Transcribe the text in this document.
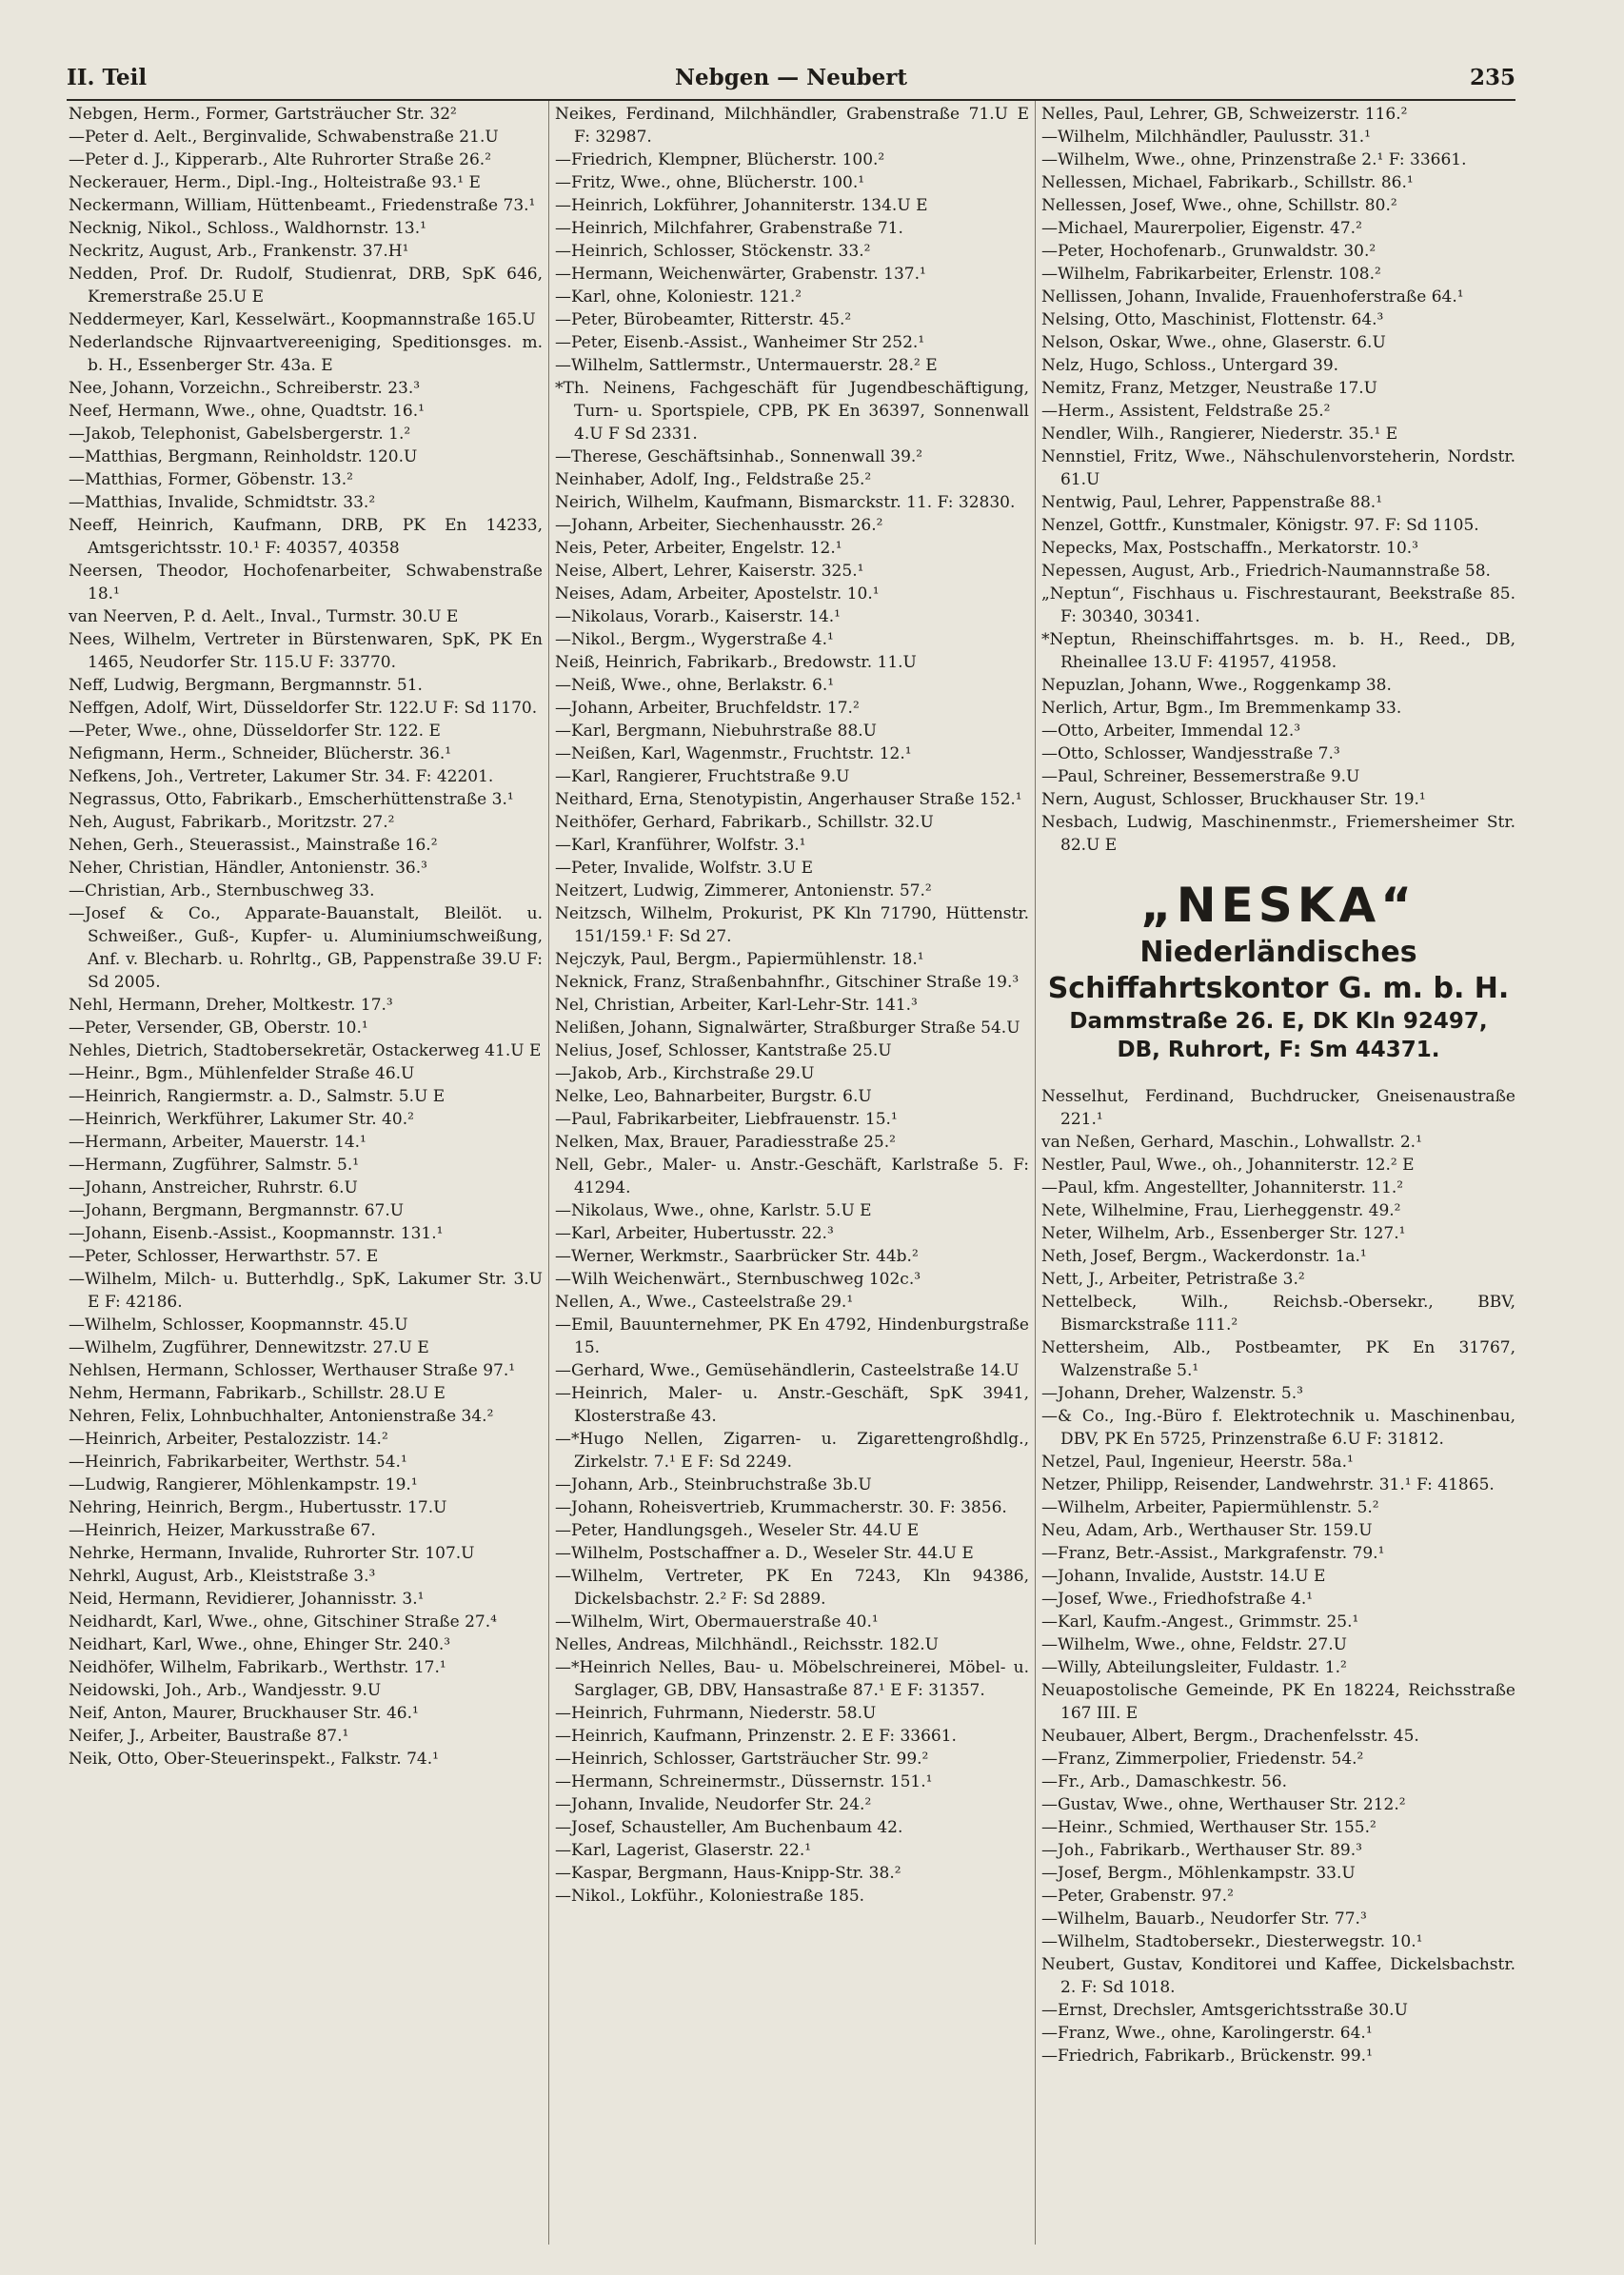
II. Teil	Nebgen — Neubert	235
Nebgen, Herm., Former, Gartsträucher Str. 32²
—Peter d. Aelt., Berginvalide, Schwabenstraße 21.U
—Peter d. J., Kipperarb., Alte Ruhrorter Straße 26.²
Neckerauer, Herm., Dipl.-Ing., Holteistraße 93.¹ E
Neckermann, William, Hüttenbeamt., Friedenstraße 73.¹
Necknig, Nikol., Schloss., Waldhornstr. 13.¹
Neckritz, August, Arb., Frankenstr. 37.H¹
Nedden, Prof. Dr. Rudolf, Studienrat, DRB, SpK 646, Kremerstraße 25.U E
Neddermeyer, Karl, Kesselwärt., Koopmannstraße 165.U
Nederlandsche Rijnvaartvereeniging, Speditionsges. m. b. H., Essenberger Str. 43a. E
Nee, Johann, Vorzeichn., Schreiberstr. 23.³
Neef, Hermann, Wwe., ohne, Quadtstr. 16.¹
—Jakob, Telephonist, Gabelsbergerstr. 1.²
—Matthias, Bergmann, Reinholdstr. 120.U
—Matthias, Former, Göbenstr. 13.²
—Matthias, Invalide, Schmidtstr. 33.²
Neeff, Heinrich, Kaufmann, DRB, PK En 14233, Amtsgerichtsstr. 10.¹ F: 40357, 40358
Neersen, Theodor, Hochofenarbeiter, Schwabenstraße 18.¹
van Neerven, P. d. Aelt., Inval., Turmstr. 30.U E
Nees, Wilhelm, Vertreter in Bürstenwaren, SpK, PK En 1465, Neudorfer Str. 115.U F: 33770.
Neff, Ludwig, Bergmann, Bergmannstr. 51.
Neffgen, Adolf, Wirt, Düsseldorfer Str. 122.U F: Sd 1170.
—Peter, Wwe., ohne, Düsseldorfer Str. 122. E
Nefigmann, Herm., Schneider, Blücherstr. 36.¹
Nefkens, Joh., Vertreter, Lakumer Str. 34. F: 42201.
Negrassus, Otto, Fabrikarb., Emscherhüttenstraße 3.¹
Neh, August, Fabrikarb., Moritzstr. 27.²
Nehen, Gerh., Steuerassist., Mainstraße 16.²
Neher, Christian, Händler, Antonienstr. 36.³
—Christian, Arb., Sternbuschweg 33.
—Josef & Co., Apparate-Bauanstalt, Bleilöt. u. Schweißer., Guß-, Kupfer- u. Aluminiumschweißung, Anf. v. Blecharb. u. Rohrltg., GB, Pappenstraße 39.U F: Sd 2005.
Nehl, Hermann, Dreher, Moltkestr. 17.³
—Peter, Versender, GB, Oberstr. 10.¹
Nehles, Dietrich, Stadtobersekretär, Ostackerweg 41.U E
—Heinr., Bgm., Mühlenfelder Straße 46.U
—Heinrich, Rangiermstr. a. D., Salmstr. 5.U E
—Heinrich, Werkführer, Lakumer Str. 40.²
—Hermann, Arbeiter, Mauerstr. 14.¹
—Hermann, Zugführer, Salmstr. 5.¹
—Johann, Anstreicher, Ruhrstr. 6.U
—Johann, Bergmann, Bergmannstr. 67.U
—Johann, Eisenb.-Assist., Koopmannstr. 131.¹
—Peter, Schlosser, Herwarthstr. 57. E
—Wilhelm, Milch- u. Butterhdlg., SpK, Lakumer Str. 3.U E F: 42186.
—Wilhelm, Schlosser, Koopmannstr. 45.U
—Wilhelm, Zugführer, Dennewitzstr. 27.U E
Nehlsen, Hermann, Schlosser, Werthauser Straße 97.¹
Nehm, Hermann, Fabrikarb., Schillstr. 28.U E
Nehren, Felix, Lohnbuchhalter, Antonienstraße 34.²
—Heinrich, Arbeiter, Pestalozzistr. 14.²
—Heinrich, Fabrikarbeiter, Werthstr. 54.¹
—Ludwig, Rangierer, Möhlenkampstr. 19.¹
Nehring, Heinrich, Bergm., Hubertusstr. 17.U
—Heinrich, Heizer, Markusstraße 67.
Nehrke, Hermann, Invalide, Ruhrorter Str. 107.U
Nehrkl, August, Arb., Kleiststraße 3.³
Neid, Hermann, Revidierer, Johannisstr. 3.¹
Neidhardt, Karl, Wwe., ohne, Gitschiner Straße 27.⁴
Neidhart, Karl, Wwe., ohne, Ehinger Str. 240.³
Neidhöfer, Wilhelm, Fabrikarb., Werthstr. 17.¹
Neidowski, Joh., Arb., Wandjesstr. 9.U
Neif, Anton, Maurer, Bruckhauser Str. 46.¹
Neifer, J., Arbeiter, Baustraße 87.¹
Neik, Otto, Ober-Steuerinspekt., Falkstr. 74.¹
Neikes, Ferdinand, Milchhändler, Grabenstraße 71.U E F: 32987.
—Friedrich, Klempner, Blücherstr. 100.²
—Fritz, Wwe., ohne, Blücherstr. 100.¹
—Heinrich, Lokführer, Johanniterstr. 134.U E
—Heinrich, Milchfahrer, Grabenstraße 71.
—Heinrich, Schlosser, Stöckenstr. 33.²
—Hermann, Weichenwärter, Grabenstr. 137.¹
—Karl, ohne, Koloniestr. 121.²
—Peter, Bürobeamter, Ritterstr. 45.²
—Peter, Eisenb.-Assist., Wanheimer Str 252.¹
—Wilhelm, Sattlermstr., Untermauerstr. 28.² E
*Th. Neinens, Fachgeschäft für Jugendbeschäftigung, Turn- u. Sportspiele, CPB, PK En 36397, Sonnenwall 4.U F Sd 2331.
—Therese, Geschäftsinhab., Sonnenwall 39.²
Neinhaber, Adolf, Ing., Feldstraße 25.²
Neirich, Wilhelm, Kaufmann, Bismarckstr. 11. F: 32830.
—Johann, Arbeiter, Siechenhausstr. 26.²
Neis, Peter, Arbeiter, Engelstr. 12.¹
Neise, Albert, Lehrer, Kaiserstr. 325.¹
Neises, Adam, Arbeiter, Apostelstr. 10.¹
—Nikolaus, Vorarb., Kaiserstr. 14.¹
—Nikol., Bergm., Wygerstraße 4.¹
Neiß, Heinrich, Fabrikarb., Bredowstr. 11.U
—Neiß, Wwe., ohne, Berlakstr. 6.¹
—Johann, Arbeiter, Bruchfeldstr. 17.²
—Karl, Bergmann, Niebuhrstraße 88.U
—Neißen, Karl, Wagenmstr., Fruchtstr. 12.¹
—Karl, Rangierer, Fruchtstraße 9.U
Neithard, Erna, Stenotypistin, Angerhauser Straße 152.¹
Neithöfer, Gerhard, Fabrikarb., Schillstr. 32.U
—Karl, Kranführer, Wolfstr. 3.¹
—Peter, Invalide, Wolfstr. 3.U E
Neitzert, Ludwig, Zimmerer, Antonienstr. 57.²
Neitzsch, Wilhelm, Prokurist, PK Kln 71790, Hüttenstr. 151/159.¹ F: Sd 27.
Nejczyk, Paul, Bergm., Papiermühlenstr. 18.¹
Neknick, Franz, Straßenbahnfhr., Gitschiner Straße 19.³
Nel, Christian, Arbeiter, Karl-Lehr-Str. 141.³
Nelißen, Johann, Signalwärter, Straßburger Straße 54.U
Nelius, Josef, Schlosser, Kantstraße 25.U
—Jakob, Arb., Kirchstraße 29.U
Nelke, Leo, Bahnarbeiter, Burgstr. 6.U
—Paul, Fabrikarbeiter, Liebfrauenstr. 15.¹
Nelken, Max, Brauer, Paradiesstraße 25.²
Nell, Gebr., Maler- u. Anstr.-Geschäft, Karlstraße 5. F: 41294.
—Nikolaus, Wwe., ohne, Karlstr. 5.U E
—Karl, Arbeiter, Hubertusstr. 22.³
—Werner, Werkmstr., Saarbrücker Str. 44b.²
—Wilh Weichenwärt., Sternbuschweg 102c.³
Nellen, A., Wwe., Casteelstraße 29.¹
—Emil, Bauunternehmer, PK En 4792, Hindenburgstraße 15.
—Gerhard, Wwe., Gemüsehändlerin, Casteelstraße 14.U
—Heinrich, Maler- u. Anstr.-Geschäft, SpK 3941, Klosterstraße 43.
—*Hugo Nellen, Zigarren- u. Zigarettengroßhdlg., Zirkelstr. 7.¹ E F: Sd 2249.
—Johann, Arb., Steinbruchstraße 3b.U
—Johann, Roheisvertrieb, Krummacherstr. 30. F: 3856.
—Peter, Handlungsgeh., Weseler Str. 44.U E
—Wilhelm, Postschaffner a. D., Weseler Str. 44.U E
—Wilhelm, Vertreter, PK En 7243, Kln 94386, Dickelsbachstr. 2.² F: Sd 2889.
—Wilhelm, Wirt, Obermauerstraße 40.¹
Nelles, Andreas, Milchhändl., Reichsstr. 182.U
—*Heinrich Nelles, Bau- u. Möbelschreinerei, Möbel- u. Sarglager, GB, DBV, Hansastraße 87.¹ E F: 31357.
—Heinrich, Fuhrmann, Niederstr. 58.U
—Heinrich, Kaufmann, Prinzenstr. 2. E F: 33661.
—Heinrich, Schlosser, Gartsträucher Str. 99.²
—Hermann, Schreinermstr., Düssernstr. 151.¹
—Johann, Invalide, Neudorfer Str. 24.²
—Josef, Schausteller, Am Buchenbaum 42.
—Karl, Lagerist, Glaserstr. 22.¹
—Kaspar, Bergmann, Haus-Knipp-Str. 38.²
—Nikol., Lokführ., Koloniestraße 185.
Nelles, Paul, Lehrer, GB, Schweizerstr. 116.²
—Wilhelm, Milchhändler, Paulusstr. 31.¹
—Wilhelm, Wwe., ohne, Prinzenstraße 2.¹ F: 33661.
Nellessen, Michael, Fabrikarb., Schillstr. 86.¹
Nellessen, Josef, Wwe., ohne, Schillstr. 80.²
—Michael, Maurerpolier, Eigenstr. 47.²
—Peter, Hochofenarb., Grunwaldstr. 30.²
—Wilhelm, Fabrikarbeiter, Erlenstr. 108.²
Nellissen, Johann, Invalide, Frauenhoferstraße 64.¹
Nelsing, Otto, Maschinist, Flottenstr. 64.³
Nelson, Oskar, Wwe., ohne, Glaserstr. 6.U
Nelz, Hugo, Schloss., Untergard 39.
Nemitz, Franz, Metzger, Neustraße 17.U
—Herm., Assistent, Feldstraße 25.²
Nendler, Wilh., Rangierer, Niederstr. 35.¹ E
Nennstiel, Fritz, Wwe., Nähschulenvorsteherin, Nordstr. 61.U
Nentwig, Paul, Lehrer, Pappenstraße 88.¹
Nenzel, Gottfr., Kunstmaler, Königstr. 97. F: Sd 1105.
Nepecks, Max, Postschaffn., Merkatorstr. 10.³
Nepessen, August, Arb., Friedrich-Naumannstraße 58.
„Neptun“, Fischhaus u. Fischrestaurant, Beekstraße 85. F: 30340, 30341.
*Neptun, Rheinschiffahrtsges. m. b. H., Reed., DB, Rheinallee 13.U F: 41957, 41958.
Nepuzlan, Johann, Wwe., Roggenkamp 38.
Nerlich, Artur, Bgm., Im Bremmenkamp 33.
—Otto, Arbeiter, Immendal 12.³
—Otto, Schlosser, Wandjesstraße 7.³
—Paul, Schreiner, Bessemerstraße 9.U
Nern, August, Schlosser, Bruckhauser Str. 19.¹
Nesbach, Ludwig, Maschinenmstr., Friemersheimer Str. 82.U E
„NESKA“
Niederländisches
Schiffahrtskontor G. m. b. H.
Dammstraße 26. E, DK Kln 92497,
DB, Ruhrort, F: Sm 44371.
Nesselhut, Ferdinand, Buchdrucker, Gneisenaustraße 221.¹
van Neßen, Gerhard, Maschin., Lohwallstr. 2.¹
Nestler, Paul, Wwe., oh., Johanniterstr. 12.² E
—Paul, kfm. Angestellter, Johanniterstr. 11.²
Nete, Wilhelmine, Frau, Lierheggenstr. 49.²
Neter, Wilhelm, Arb., Essenberger Str. 127.¹
Neth, Josef, Bergm., Wackerdonstr. 1a.¹
Nett, J., Arbeiter, Petristraße 3.²
Nettelbeck, Wilh., Reichsb.-Obersekr., BBV, Bismarckstraße 111.²
Nettersheim, Alb., Postbeamter, PK En 31767, Walzenstraße 5.¹
—Johann, Dreher, Walzenstr. 5.³
—& Co., Ing.-Büro f. Elektrotechnik u. Maschinenbau, DBV, PK En 5725, Prinzenstraße 6.U F: 31812.
Netzel, Paul, Ingenieur, Heerstr. 58a.¹
Netzer, Philipp, Reisender, Landwehrstr. 31.¹ F: 41865.
—Wilhelm, Arbeiter, Papiermühlenstr. 5.²
Neu, Adam, Arb., Werthauser Str. 159.U
—Franz, Betr.-Assist., Markgrafenstr. 79.¹
—Johann, Invalide, Auststr. 14.U E
—Josef, Wwe., Friedhofstraße 4.¹
—Karl, Kaufm.-Angest., Grimmstr. 25.¹
—Wilhelm, Wwe., ohne, Feldstr. 27.U
—Willy, Abteilungsleiter, Fuldastr. 1.²
Neuapostolische Gemeinde, PK En 18224, Reichsstraße 167 III. E
Neubauer, Albert, Bergm., Drachenfelsstr. 45.
—Franz, Zimmerpolier, Friedenstr. 54.²
—Fr., Arb., Damaschkestr. 56.
—Gustav, Wwe., ohne, Werthauser Str. 212.²
—Heinr., Schmied, Werthauser Str. 155.²
—Joh., Fabrikarb., Werthauser Str. 89.³
—Josef, Bergm., Möhlenkampstr. 33.U
—Peter, Grabenstr. 97.²
—Wilhelm, Bauarb., Neudorfer Str. 77.³
—Wilhelm, Stadtobersekr., Diesterwegstr. 10.¹
Neubert, Gustav, Konditorei und Kaffee, Dickelsbachstr. 2. F: Sd 1018.
—Ernst, Drechsler, Amtsgerichtsstraße 30.U
—Franz, Wwe., ohne, Karolingerstr. 64.¹
—Friedrich, Fabrikarb., Brückenstr. 99.¹
